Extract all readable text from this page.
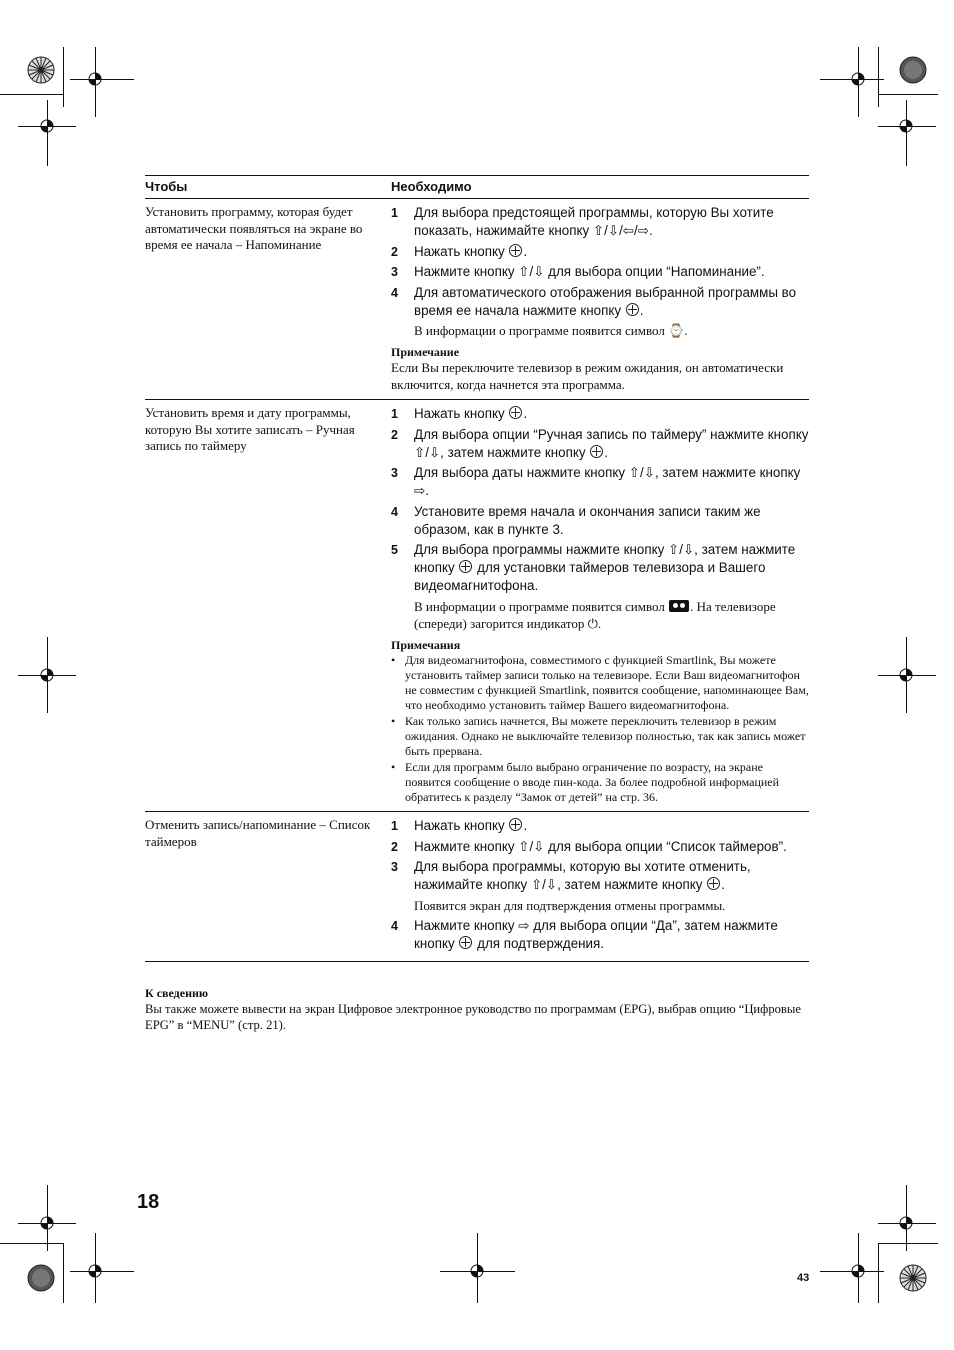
Чтобы	Необходимо
Установить программу, которая будет автоматически появляться на экране во время ее начала – Напоминание
1	Для выбора предстоящей программы, которую Вы хотите показать, нажимайте кнопку ⇧/⇩/⇦/⇨.
2	Нажать кнопку .
3	Нажмите кнопку ⇧/⇩ для выбора опции “Напоминание”.
4	Для автоматического отображения выбранной программы во время ее начала нажмите кнопку .
В информации о программе появится символ ⌚.
Примечание
Если Вы переключите телевизор в режим ожидания, он автоматически включится, когда начнется эта программа.
Установить время и дату программы, которую Вы хотите записать – Ручная запись по таймеру
1	Нажать кнопку .
2	Для выбора опции “Ручная запись по таймеру” нажмите кнопку ⇧/⇩, затем нажмите кнопку .
3	Для выбора даты нажмите кнопку ⇧/⇩, затем нажмите кнопку ⇨.
4	Установите время начала и окончания записи таким же образом, как в пункте 3.
5	Для выбора программы нажмите кнопку ⇧/⇩, затем нажмите кнопку для установки таймеров телевизора и Вашего видеомагнитофона.
В информации о программе появится символ . На телевизоре (спереди) загорится индикатор ⏻.
Примечания
• Для видеомагнитофона, совместимого с функцией Smartlink, Вы можете установить таймер записи только на телевизоре. Если Ваш видеомагнитофон не совместим с функцией Smartlink, появится сообщение, напоминающее Вам, что необходимо установить таймер Вашего видеомагнитофона.
• Как только запись начнется, Вы можете переключить телевизор в режим ожидания. Однако не выключайте телевизор полностью, так как запись может быть прервана.
• Если для программ было выбрано ограничение по возрасту, на экране появится сообщение о вводе пин-кода. За более подробной информацией обратитесь к разделу “Замок от детей” на стр. 36.
Отменить запись/напоминание – Список таймеров
1	Нажать кнопку .
2	Нажмите кнопку ⇧/⇩ для выбора опции “Список таймеров”.
3	Для выбора программы, которую вы хотите отменить, нажимайте кнопку ⇧/⇩, затем нажмите кнопку .
Появится экран для подтверждения отмены программы.
4	Нажмите кнопку ⇨ для выбора опции “Да”, затем нажмите кнопку для подтверждения.
К сведению
Вы также можете вывести на экран Цифровое электронное руководство по программам (EPG), выбрав опцию “Цифровые EPG” в “MENU” (стр. 21).
18
43
